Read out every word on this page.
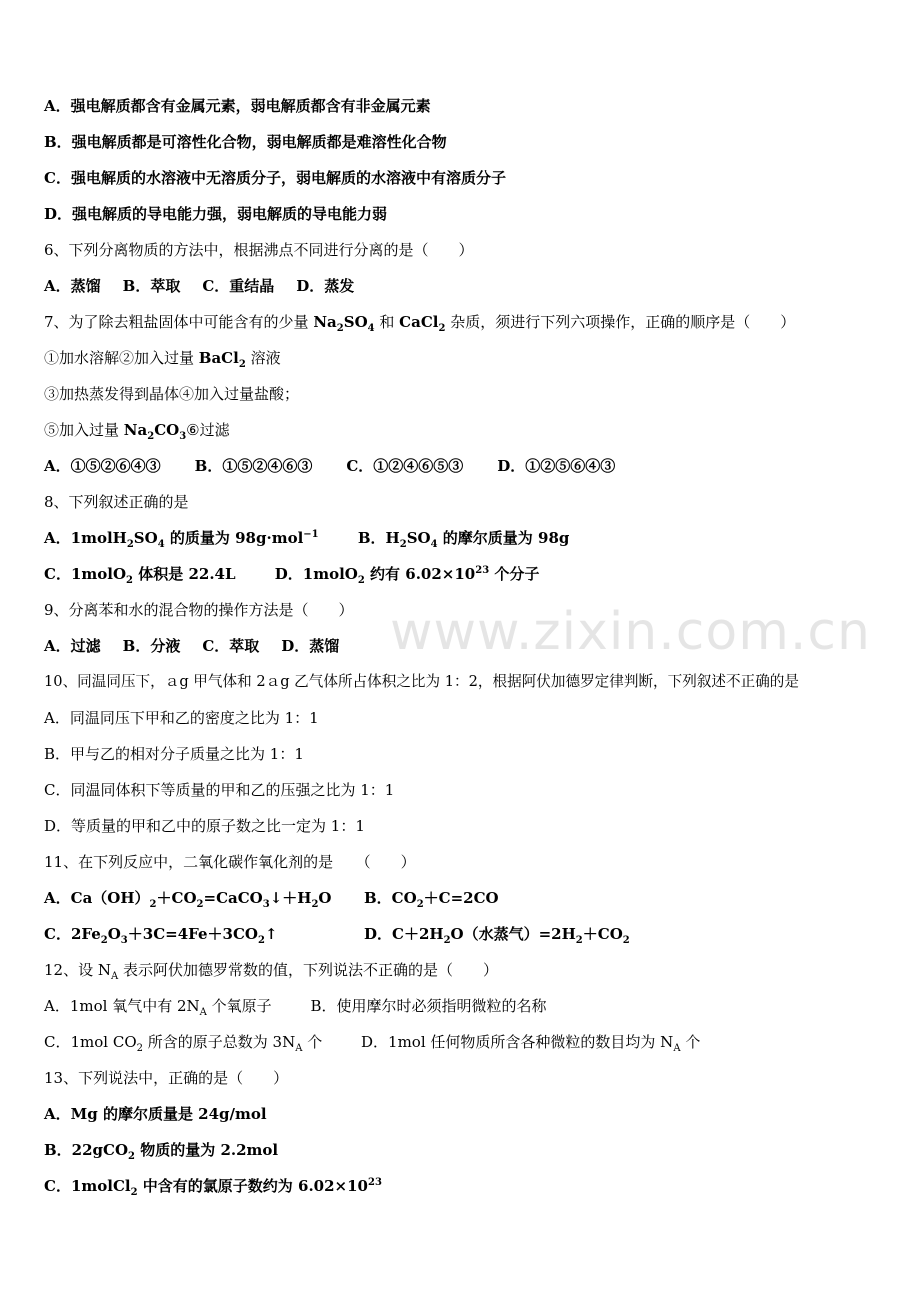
www.zixin.com.cn
A．强电解质都含有金属元素，弱电解质都含有非金属元素
B．强电解质都是可溶性化合物，弱电解质都是难溶性化合物
C．强电解质的水溶液中无溶质分子，弱电解质的水溶液中有溶质分子
D．强电解质的导电能力强，弱电解质的导电能力弱
6、下列分离物质的方法中，根据沸点不同进行分离的是（　　）
A．蒸馏 B．萃取 C．重结晶 D．蒸发
7、为了除去粗盐固体中可能含有的少量 $Na_2SO_4$ 和 CaCl$_2$ 杂质，须进行下列六项操作，正确的顺序是（　　）
①加水溶解②加入过量 BaCl$_2$ 溶液
③加热蒸发得到晶体④加入过量盐酸；
⑤加入过量 $Na_2CO_3⑥$过滤
A．①⑤②⑥④③ B．①⑤②④⑥③ C．①②④⑥⑤③ D．①②⑤⑥④③
8、下列叙述正确的是
A．$1molH_2SO_4$ 的质量为 98g·mol$^{-1}$	B．$H_2SO_4$ 的摩尔质量为 98g
C．1molO$_2$ 体积是 22.4L	D．1molO$_2$ 约有 $6.02\times 10^{23}$ 个分子
9、分离苯和水的混合物的操作方法是（　　）
A．过滤 B．分液 C．萃取 D．蒸馏
10、同温同压下，ａg 甲气体和 2ａg 乙气体所占体积之比为 1：2，根据阿伏加德罗定律判断，下列叙述不正确的是
A．同温同压下甲和乙的密度之比为 1：1
B．甲与乙的相对分子质量之比为 1：1
C．同温同体积下等质量的甲和乙的压强之比为 1：1
D．等质量的甲和乙中的原子数之比一定为 1：1
11、在下列反应中，二氧化碳作氧化剂的是　　（　　）
A．$Ca(OH)_2+CO_2=CaCO_3↓+H_2O$ B．$CO_2+C=2CO$
C．$2Fe_2O_3+3C=4Fe+3CO_2↑$	D．$C+2H_2O$（水蒸气）$=2H_2+CO_2$
12、设 $N_A$ 表示阿伏加德罗常数的值，下列说法不正确的是（　　）
A．1mol 氧气中有 $2N_A$ 个氧原子	B．使用摩尔时必须指明微粒的名称
C．1mol $CO_2$ 所含的原子总数为 $3N_A$ 个	D．1mol 任何物质所含各种微粒的数目均为 $N_A$ 个
13、下列说法中，正确的是（　　）
A．Mg 的摩尔质量是 24g/mol
B．22gCO$_2$ 物质的量为 2.2mol
C．1molCl$_2$ 中含有的氯原子数约为 $6.02\times 10^{23}$
